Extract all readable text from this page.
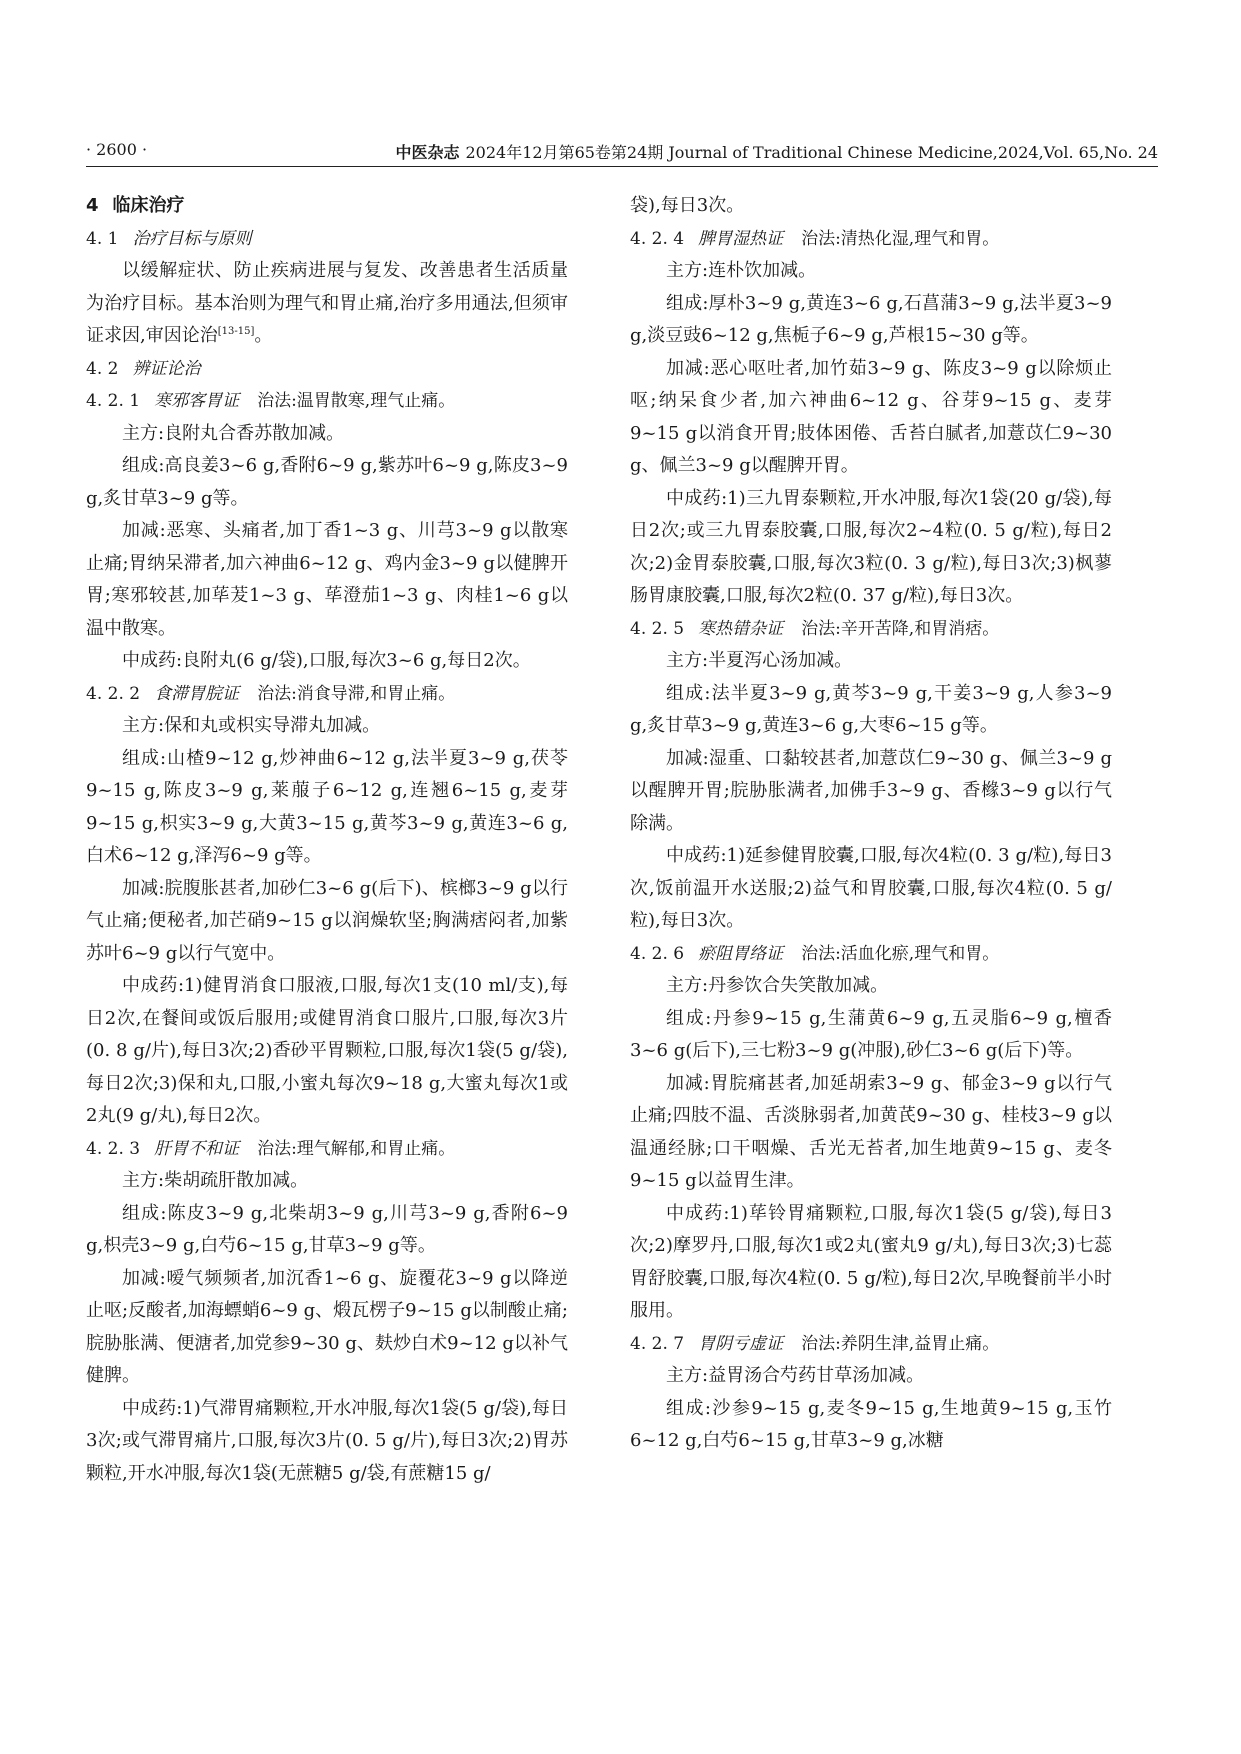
· 2600 ·	中医杂志 2024年12月第65卷第24期 Journal of Traditional Chinese Medicine,2024,Vol. 65,No. 24

4 临床治疗

4. 1 治疗目标与原则

以缓解症状、防止疾病进展与复发、改善患者生活质量为治疗目标。基本治则为理气和胃止痛,治疗多用通法,但须审证求因,审因论治[13-15]。

4. 2 辨证论治

4. 2. 1 寒邪客胃证 治法:温胃散寒,理气止痛。

主方:良附丸合香苏散加减。

组成:高良姜3~6 g,香附6~9 g,紫苏叶6~9 g,陈皮3~9 g,炙甘草3~9 g等。

加减:恶寒、头痛者,加丁香1~3 g、川芎3~9 g以散寒止痛;胃纳呆滞者,加六神曲6~12 g、鸡内金3~9 g以健脾开胃;寒邪较甚,加荜茇1~3 g、荜澄茄1~3 g、肉桂1~6 g以温中散寒。

中成药:良附丸(6 g/袋),口服,每次3~6 g,每日2次。

4. 2. 2 食滞胃脘证 治法:消食导滞,和胃止痛。

主方:保和丸或枳实导滞丸加减。

组成:山楂9~12 g,炒神曲6~12 g,法半夏3~9 g,茯苓9~15 g,陈皮3~9 g,莱菔子6~12 g,连翘6~15 g,麦芽9~15 g,枳实3~9 g,大黄3~15 g,黄芩3~9 g,黄连3~6 g,白术6~12 g,泽泻6~9 g等。

加减:脘腹胀甚者,加砂仁3~6 g(后下)、槟榔3~9 g以行气止痛;便秘者,加芒硝9~15 g以润燥软坚;胸满痞闷者,加紫苏叶6~9 g以行气宽中。

中成药:1)健胃消食口服液,口服,每次1支(10 ml/支),每日2次,在餐间或饭后服用;或健胃消食口服片,口服,每次3片(0. 8 g/片),每日3次;2)香砂平胃颗粒,口服,每次1袋(5 g/袋),每日2次;3)保和丸,口服,小蜜丸每次9~18 g,大蜜丸每次1或2丸(9 g/丸),每日2次。

4. 2. 3 肝胃不和证 治法:理气解郁,和胃止痛。

主方:柴胡疏肝散加减。

组成:陈皮3~9 g,北柴胡3~9 g,川芎3~9 g,香附6~9 g,枳壳3~9 g,白芍6~15 g,甘草3~9 g等。

加减:嗳气频频者,加沉香1~6 g、旋覆花3~9 g以降逆止呕;反酸者,加海螵蛸6~9 g、煅瓦楞子9~15 g以制酸止痛;脘胁胀满、便溏者,加党参9~30 g、麸炒白术9~12 g以补气健脾。

中成药:1)气滞胃痛颗粒,开水冲服,每次1袋(5 g/袋),每日3次;或气滞胃痛片,口服,每次3片(0. 5 g/片),每日3次;2)胃苏颗粒,开水冲服,每次1袋(无蔗糖5 g/袋,有蔗糖15 g/

袋),每日3次。

4. 2. 4 脾胃湿热证 治法:清热化湿,理气和胃。

主方:连朴饮加减。

组成:厚朴3~9 g,黄连3~6 g,石菖蒲3~9 g,法半夏3~9 g,淡豆豉6~12 g,焦栀子6~9 g,芦根15~30 g等。

加减:恶心呕吐者,加竹茹3~9 g、陈皮3~9 g以除烦止呕;纳呆食少者,加六神曲6~12 g、谷芽9~15 g、麦芽9~15 g以消食开胃;肢体困倦、舌苔白腻者,加薏苡仁9~30 g、佩兰3~9 g以醒脾开胃。

中成药:1)三九胃泰颗粒,开水冲服,每次1袋(20 g/袋),每日2次;或三九胃泰胶囊,口服,每次2~4粒(0. 5 g/粒),每日2次;2)金胃泰胶囊,口服,每次3粒(0. 3 g/粒),每日3次;3)枫蓼肠胃康胶囊,口服,每次2粒(0. 37 g/粒),每日3次。

4. 2. 5 寒热错杂证 治法:辛开苦降,和胃消痞。

主方:半夏泻心汤加减。

组成:法半夏3~9 g,黄芩3~9 g,干姜3~9 g,人参3~9 g,炙甘草3~9 g,黄连3~6 g,大枣6~15 g等。

加减:湿重、口黏较甚者,加薏苡仁9~30 g、佩兰3~9 g以醒脾开胃;脘胁胀满者,加佛手3~9 g、香橼3~9 g以行气除满。

中成药:1)延参健胃胶囊,口服,每次4粒(0. 3 g/粒),每日3次,饭前温开水送服;2)益气和胃胶囊,口服,每次4粒(0. 5 g/粒),每日3次。

4. 2. 6 瘀阻胃络证 治法:活血化瘀,理气和胃。

主方:丹参饮合失笑散加减。

组成:丹参9~15 g,生蒲黄6~9 g,五灵脂6~9 g,檀香3~6 g(后下),三七粉3~9 g(冲服),砂仁3~6 g(后下)等。

加减:胃脘痛甚者,加延胡索3~9 g、郁金3~9 g以行气止痛;四肢不温、舌淡脉弱者,加黄芪9~30 g、桂枝3~9 g以温通经脉;口干咽燥、舌光无苔者,加生地黄9~15 g、麦冬9~15 g以益胃生津。

中成药:1)荜铃胃痛颗粒,口服,每次1袋(5 g/袋),每日3次;2)摩罗丹,口服,每次1或2丸(蜜丸9 g/丸),每日3次;3)七蕊胃舒胶囊,口服,每次4粒(0. 5 g/粒),每日2次,早晚餐前半小时服用。

4. 2. 7 胃阴亏虚证 治法:养阴生津,益胃止痛。

主方:益胃汤合芍药甘草汤加减。

组成:沙参9~15 g,麦冬9~15 g,生地黄9~15 g,玉竹6~12 g,白芍6~15 g,甘草3~9 g,冰糖
